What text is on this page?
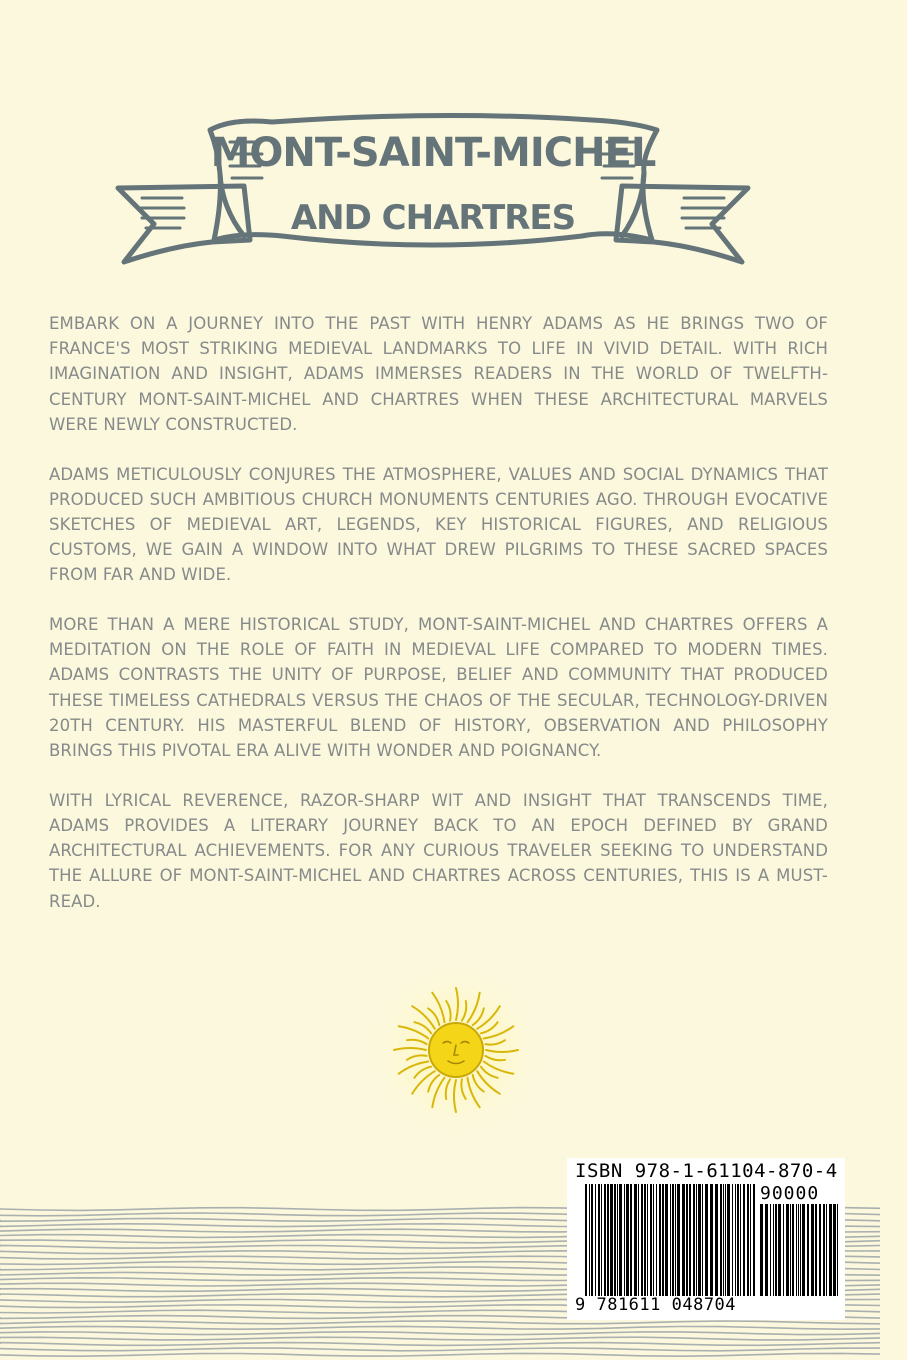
MONT-SAINT-MICHEL
AND CHARTRES

EMBARK ON A JOURNEY INTO THE PAST WITH HENRY ADAMS AS HE BRINGS TWO OF FRANCE'S MOST STRIKING MEDIEVAL LANDMARKS TO LIFE IN VIVID DETAIL. WITH RICH IMAGINATION AND INSIGHT, ADAMS IMMERSES READERS IN THE WORLD OF TWELFTH-CENTURY MONT-SAINT-MICHEL AND CHARTRES WHEN THESE ARCHITECTURAL MARVELS WERE NEWLY CONSTRUCTED.

ADAMS METICULOUSLY CONJURES THE ATMOSPHERE, VALUES AND SOCIAL DYNAMICS THAT PRODUCED SUCH AMBITIOUS CHURCH MONUMENTS CENTURIES AGO. THROUGH EVOCATIVE SKETCHES OF MEDIEVAL ART, LEGENDS, KEY HISTORICAL FIGURES, AND RELIGIOUS CUSTOMS, WE GAIN A WINDOW INTO WHAT DREW PILGRIMS TO THESE SACRED SPACES FROM FAR AND WIDE.

MORE THAN A MERE HISTORICAL STUDY, MONT-SAINT-MICHEL AND CHARTRES OFFERS A MEDITATION ON THE ROLE OF FAITH IN MEDIEVAL LIFE COMPARED TO MODERN TIMES. ADAMS CONTRASTS THE UNITY OF PURPOSE, BELIEF AND COMMUNITY THAT PRODUCED THESE TIMELESS CATHEDRALS VERSUS THE CHAOS OF THE SECULAR, TECHNOLOGY-DRIVEN 20TH CENTURY. HIS MASTERFUL BLEND OF HISTORY, OBSERVATION AND PHILOSOPHY BRINGS THIS PIVOTAL ERA ALIVE WITH WONDER AND POIGNANCY.

WITH LYRICAL REVERENCE, RAZOR-SHARP WIT AND INSIGHT THAT TRANSCENDS TIME, ADAMS PROVIDES A LITERARY JOURNEY BACK TO AN EPOCH DEFINED BY GRAND ARCHITECTURAL ACHIEVEMENTS. FOR ANY CURIOUS TRAVELER SEEKING TO UNDERSTAND THE ALLURE OF MONT-SAINT-MICHEL AND CHARTRES ACROSS CENTURIES, THIS IS A MUST-READ.

ISBN 978-1-61104-870-4
90000
9 781611 048704
